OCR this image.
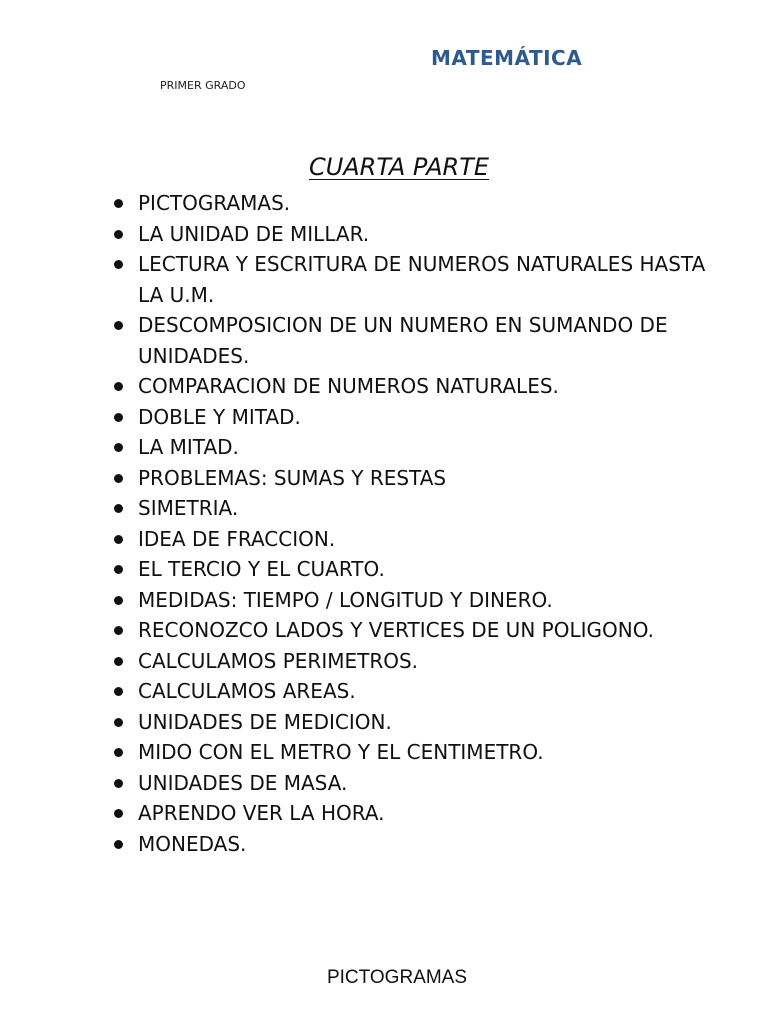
MATEMÁTICA
PRIMER GRADO
CUARTA PARTE
PICTOGRAMAS.
LA UNIDAD DE MILLAR.
LECTURA Y ESCRITURA DE NUMEROS NATURALES HASTA LA U.M.
DESCOMPOSICION DE UN NUMERO EN SUMANDO DE UNIDADES.
COMPARACION DE NUMEROS NATURALES.
DOBLE Y MITAD.
LA MITAD.
PROBLEMAS: SUMAS Y RESTAS
SIMETRIA.
IDEA DE FRACCION.
EL TERCIO Y EL CUARTO.
MEDIDAS: TIEMPO / LONGITUD Y DINERO.
RECONOZCO LADOS Y VERTICES DE UN POLIGONO.
CALCULAMOS PERIMETROS.
CALCULAMOS AREAS.
UNIDADES DE MEDICION.
MIDO CON EL METRO Y EL CENTIMETRO.
UNIDADES DE MASA.
APRENDO VER LA HORA.
MONEDAS.
PICTOGRAMAS
